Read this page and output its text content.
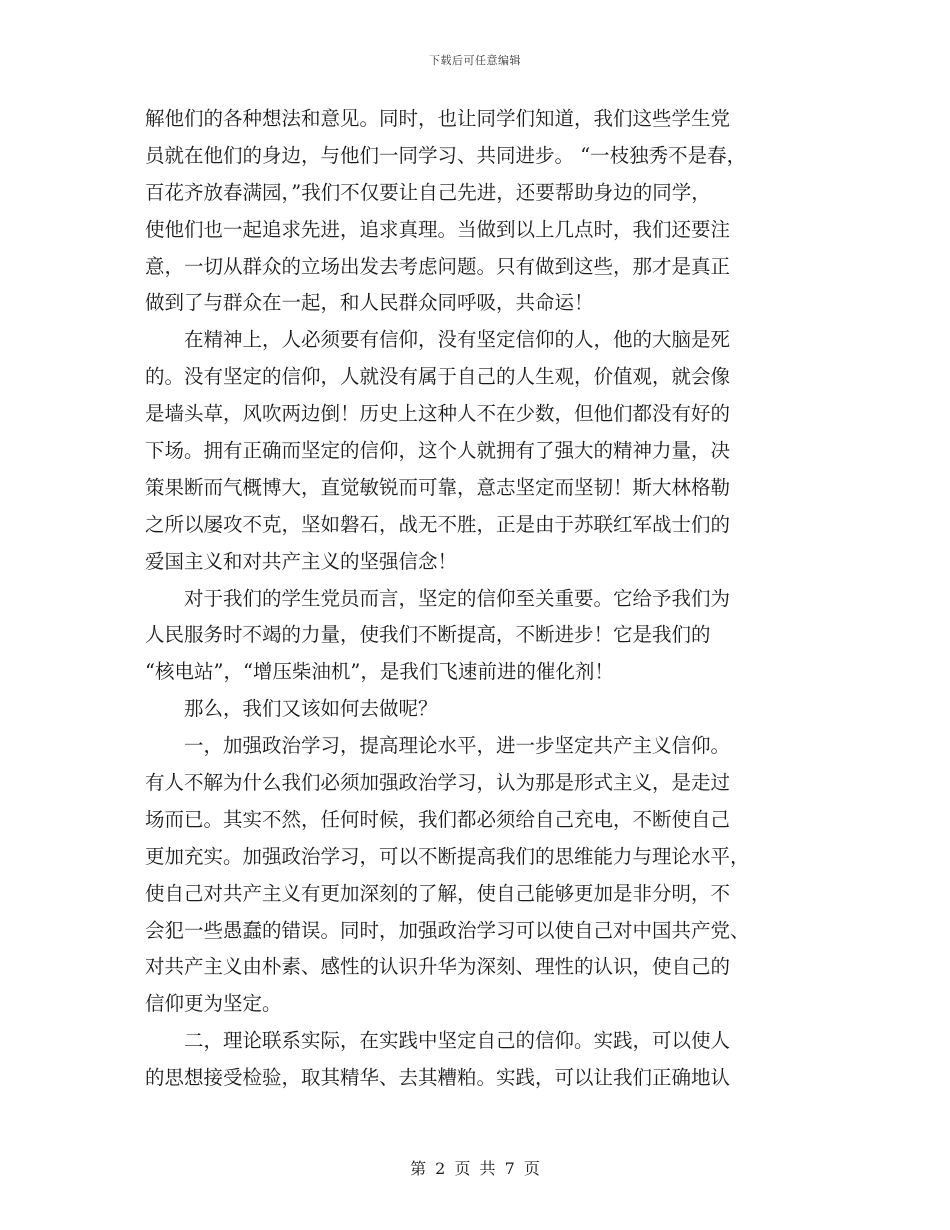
下载后可任意编辑
解他们的各种想法和意见。同时，也让同学们知道，我们这些学生党
员就在他们的身边，与他们一同学习、共同进步。 “一枝独秀不是春，
百花齐放春满园，”我们不仅要让自己先进，还要帮助身边的同学，
使他们也一起追求先进，追求真理。当做到以上几点时，我们还要注
意，一切从群众的立场出发去考虑问题。只有做到这些，那才是真正
做到了与群众在一起，和人民群众同呼吸，共命运！
在精神上，人必须要有信仰，没有坚定信仰的人，他的大脑是死
的。没有坚定的信仰，人就没有属于自己的人生观，价值观，就会像
是墙头草，风吹两边倒！历史上这种人不在少数，但他们都没有好的
下场。拥有正确而坚定的信仰，这个人就拥有了强大的精神力量，决
策果断而气概博大，直觉敏锐而可靠，意志坚定而坚韧！斯大林格勒
之所以屡攻不克，坚如磐石，战无不胜，正是由于苏联红军战士们的
爱国主义和对共产主义的坚强信念！
对于我们的学生党员而言，坚定的信仰至关重要。它给予我们为
人民服务时不竭的力量，使我们不断提高，不断进步！它是我们的
“核电站”，“增压柴油机”，是我们飞速前进的催化剂！
那么，我们又该如何去做呢？
一，加强政治学习，提高理论水平，进一步坚定共产主义信仰。
有人不解为什么我们必须加强政治学习，认为那是形式主义，是走过
场而已。其实不然，任何时候，我们都必须给自己充电，不断使自己
更加充实。加强政治学习，可以不断提高我们的思维能力与理论水平，
使自己对共产主义有更加深刻的了解，使自己能够更加是非分明，不
会犯一些愚蠢的错误。同时，加强政治学习可以使自己对中国共产党、
对共产主义由朴素、感性的认识升华为深刻、理性的认识，使自己的
信仰更为坚定。
二，理论联系实际，在实践中坚定自己的信仰。实践，可以使人
的思想接受检验，取其精华、去其糟粕。实践，可以让我们正确地认
第 2 页 共 7 页
